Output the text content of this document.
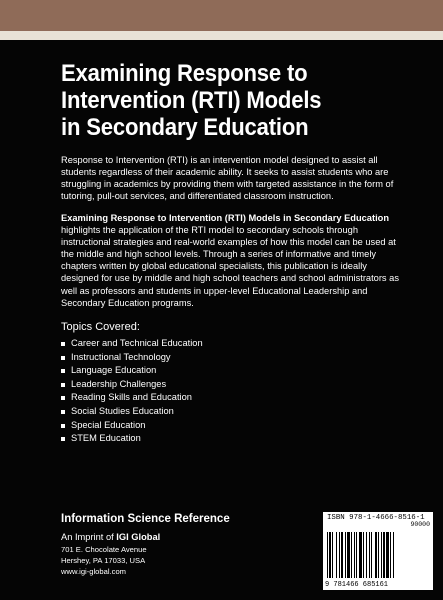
Examining Response to
Intervention (RTI) Models
in Secondary Education

Response to Intervention (RTI) is an intervention model designed to assist all students regardless of their academic ability. It seeks to assist students who are struggling in academics by providing them with targeted assistance in the form of tutoring, pull-out services, and differentiated classroom instruction.

Examining Response to Intervention (RTI) Models in Secondary Education highlights the application of the RTI model to secondary schools through instructional strategies and real-world examples of how this model can be used at the middle and high school levels. Through a series of informative and timely chapters written by global educational specialists, this publication is ideally designed for use by middle and high school teachers and school administrators as well as professors and students in upper-level Educational Leadership and Secondary Education programs.

Topics Covered:
Career and Technical Education
Instructional Technology
Language Education
Leadership Challenges
Reading Skills and Education
Social Studies Education
Special Education
STEM Education

Information Science Reference

An Imprint of IGI Global

701 E. Chocolate Avenue

Hershey, PA 17033, USA

www.igi-global.com

ISBN 978-1-4666-8516-1
90000
9 781466 685161
